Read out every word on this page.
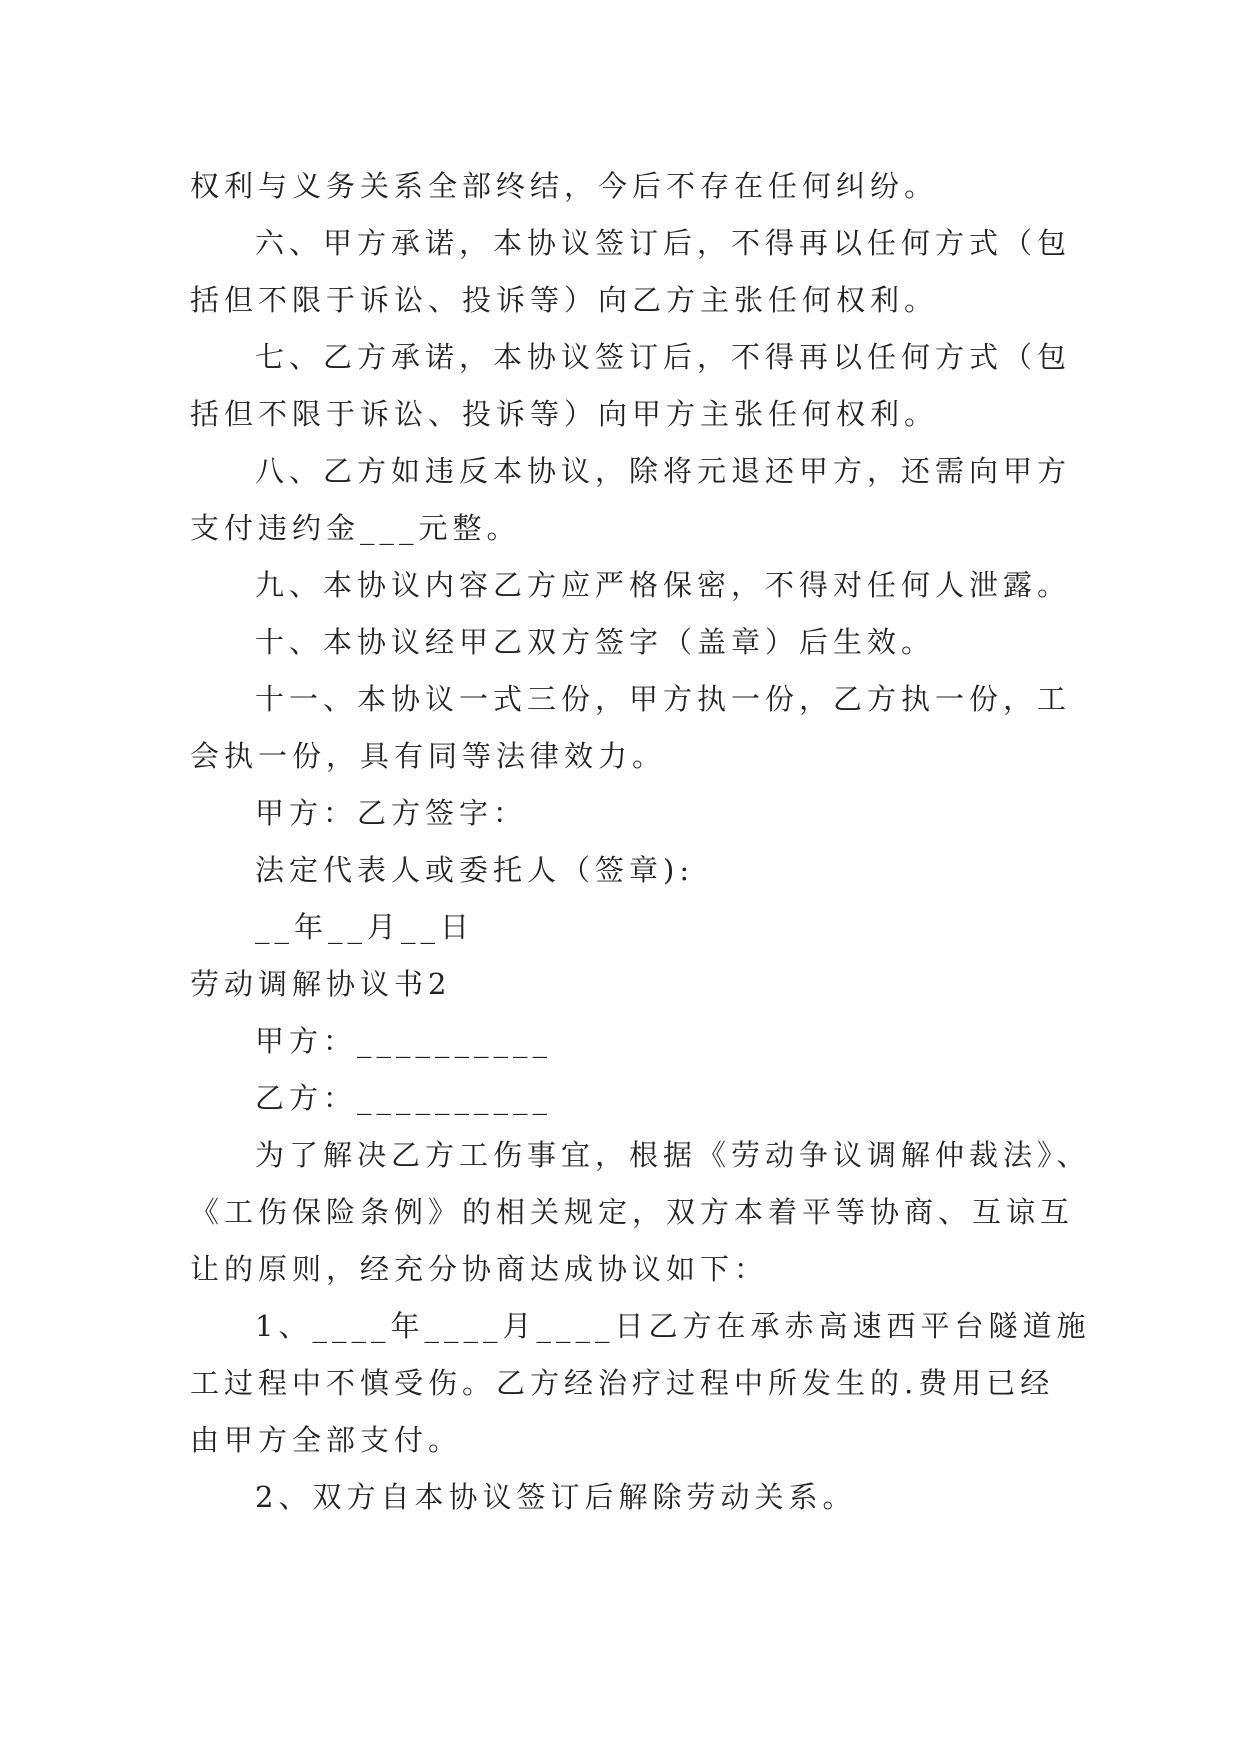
权利与义务关系全部终结，今后不存在任何纠纷。
六、甲方承诺，本协议签订后，不得再以任何方式（包
括但不限于诉讼、投诉等）向乙方主张任何权利。
七、乙方承诺，本协议签订后，不得再以任何方式（包
括但不限于诉讼、投诉等）向甲方主张任何权利。
八、乙方如违反本协议，除将元退还甲方，还需向甲方
支付违约金___元整。
九、本协议内容乙方应严格保密，不得对任何人泄露。
十、本协议经甲乙双方签字（盖章）后生效。
十一、本协议一式三份，甲方执一份，乙方执一份，工
会执一份，具有同等法律效力。
甲方：乙方签字：
法定代表人或委托人（签章):
__年__月__日
劳动调解协议书2
甲方：__________
乙方：__________
为了解决乙方工伤事宜，根据《劳动争议调解仲裁法》、
《工伤保险条例》的相关规定，双方本着平等协商、互谅互
让的原则，经充分协商达成协议如下：
1、____年____月____日乙方在承赤高速西平台隧道施
工过程中不慎受伤。乙方经治疗过程中所发生的.费用已经
由甲方全部支付。
2、双方自本协议签订后解除劳动关系。
